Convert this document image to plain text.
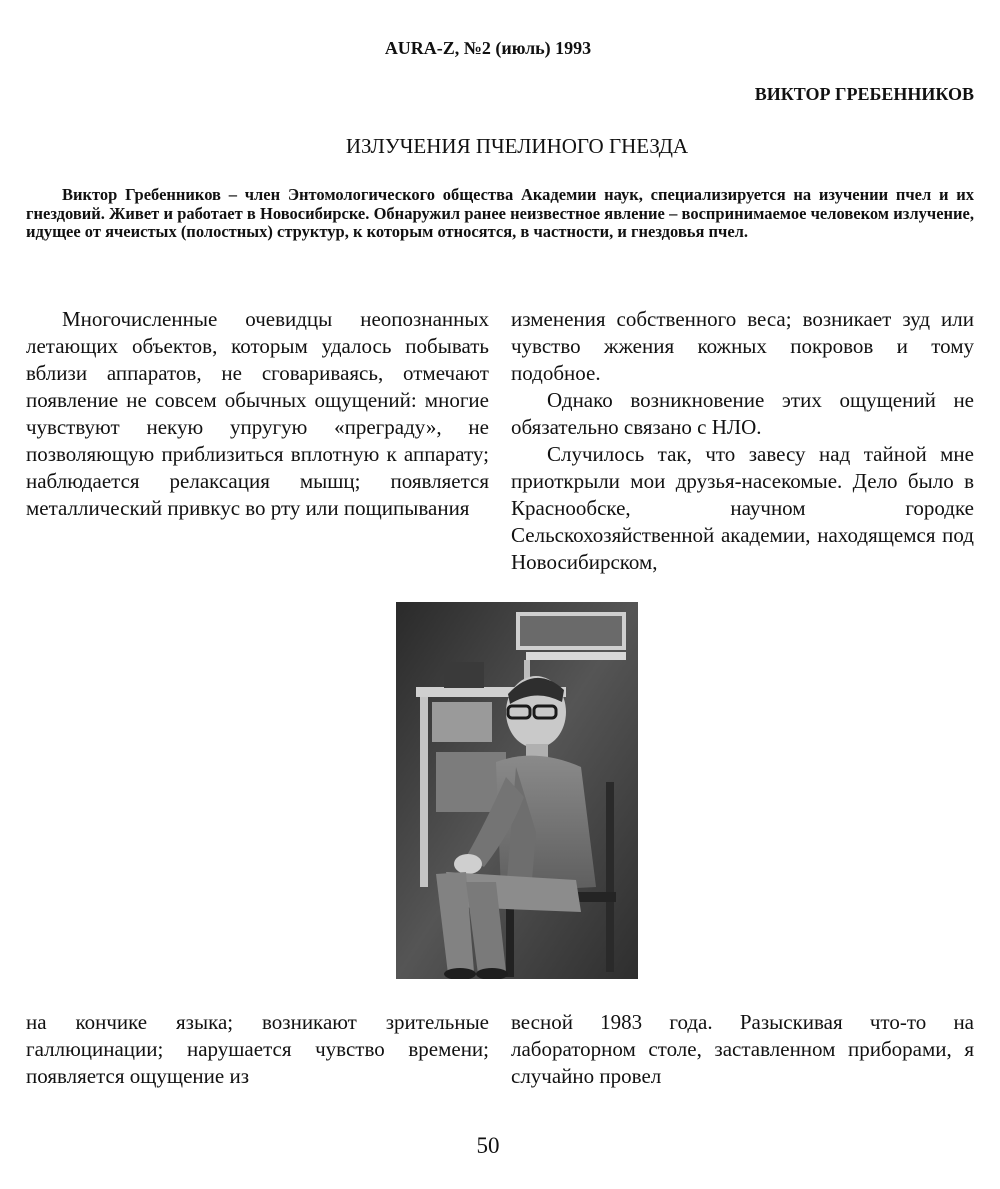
AURA-Z, №2 (июль) 1993
ВИКТОР ГРЕБЕННИКОВ
ИЗЛУЧЕНИЯ ПЧЕЛИНОГО ГНЕЗДА

Виктор Гребенников – член Энтомологического общества Академии наук, специализируется на изучении пчел и их гнездовий. Живет и работает в Новосибирске. Обнаружил ранее неизвестное явление – воспринимаемое человеком излучение, идущее от ячеистых (полостных) структур, к которым относятся, в частности, и гнездовья пчел.

Многочисленные очевидцы неопознанных летающих объектов, которым удалось побывать вблизи аппаратов, не сговариваясь, отмечают появление не совсем обычных ощущений: многие чувствуют некую упругую «преграду», не позволяющую приблизиться вплотную к аппарату; наблюдается релаксация мышц; появляется металлический привкус во рту или пощипывания

изменения собственного веса; возникает зуд или чувство жжения кожных покровов и тому подобное.

Однако возникновение этих ощущений не обязательно связано с НЛО.

Случилось так, что завесу над тайной мне приоткрыли мои друзья-насекомые. Дело было в Краснообске, научном городке Сельскохозяйственной академии, находящемся под Новосибирском,

на кончике языка; возникают зрительные галлюцинации; нарушается чувство времени; появляется ощущение из

весной 1983 года. Разыскивая что-то на лабораторном столе, заставленном приборами, я случайно провел

50
